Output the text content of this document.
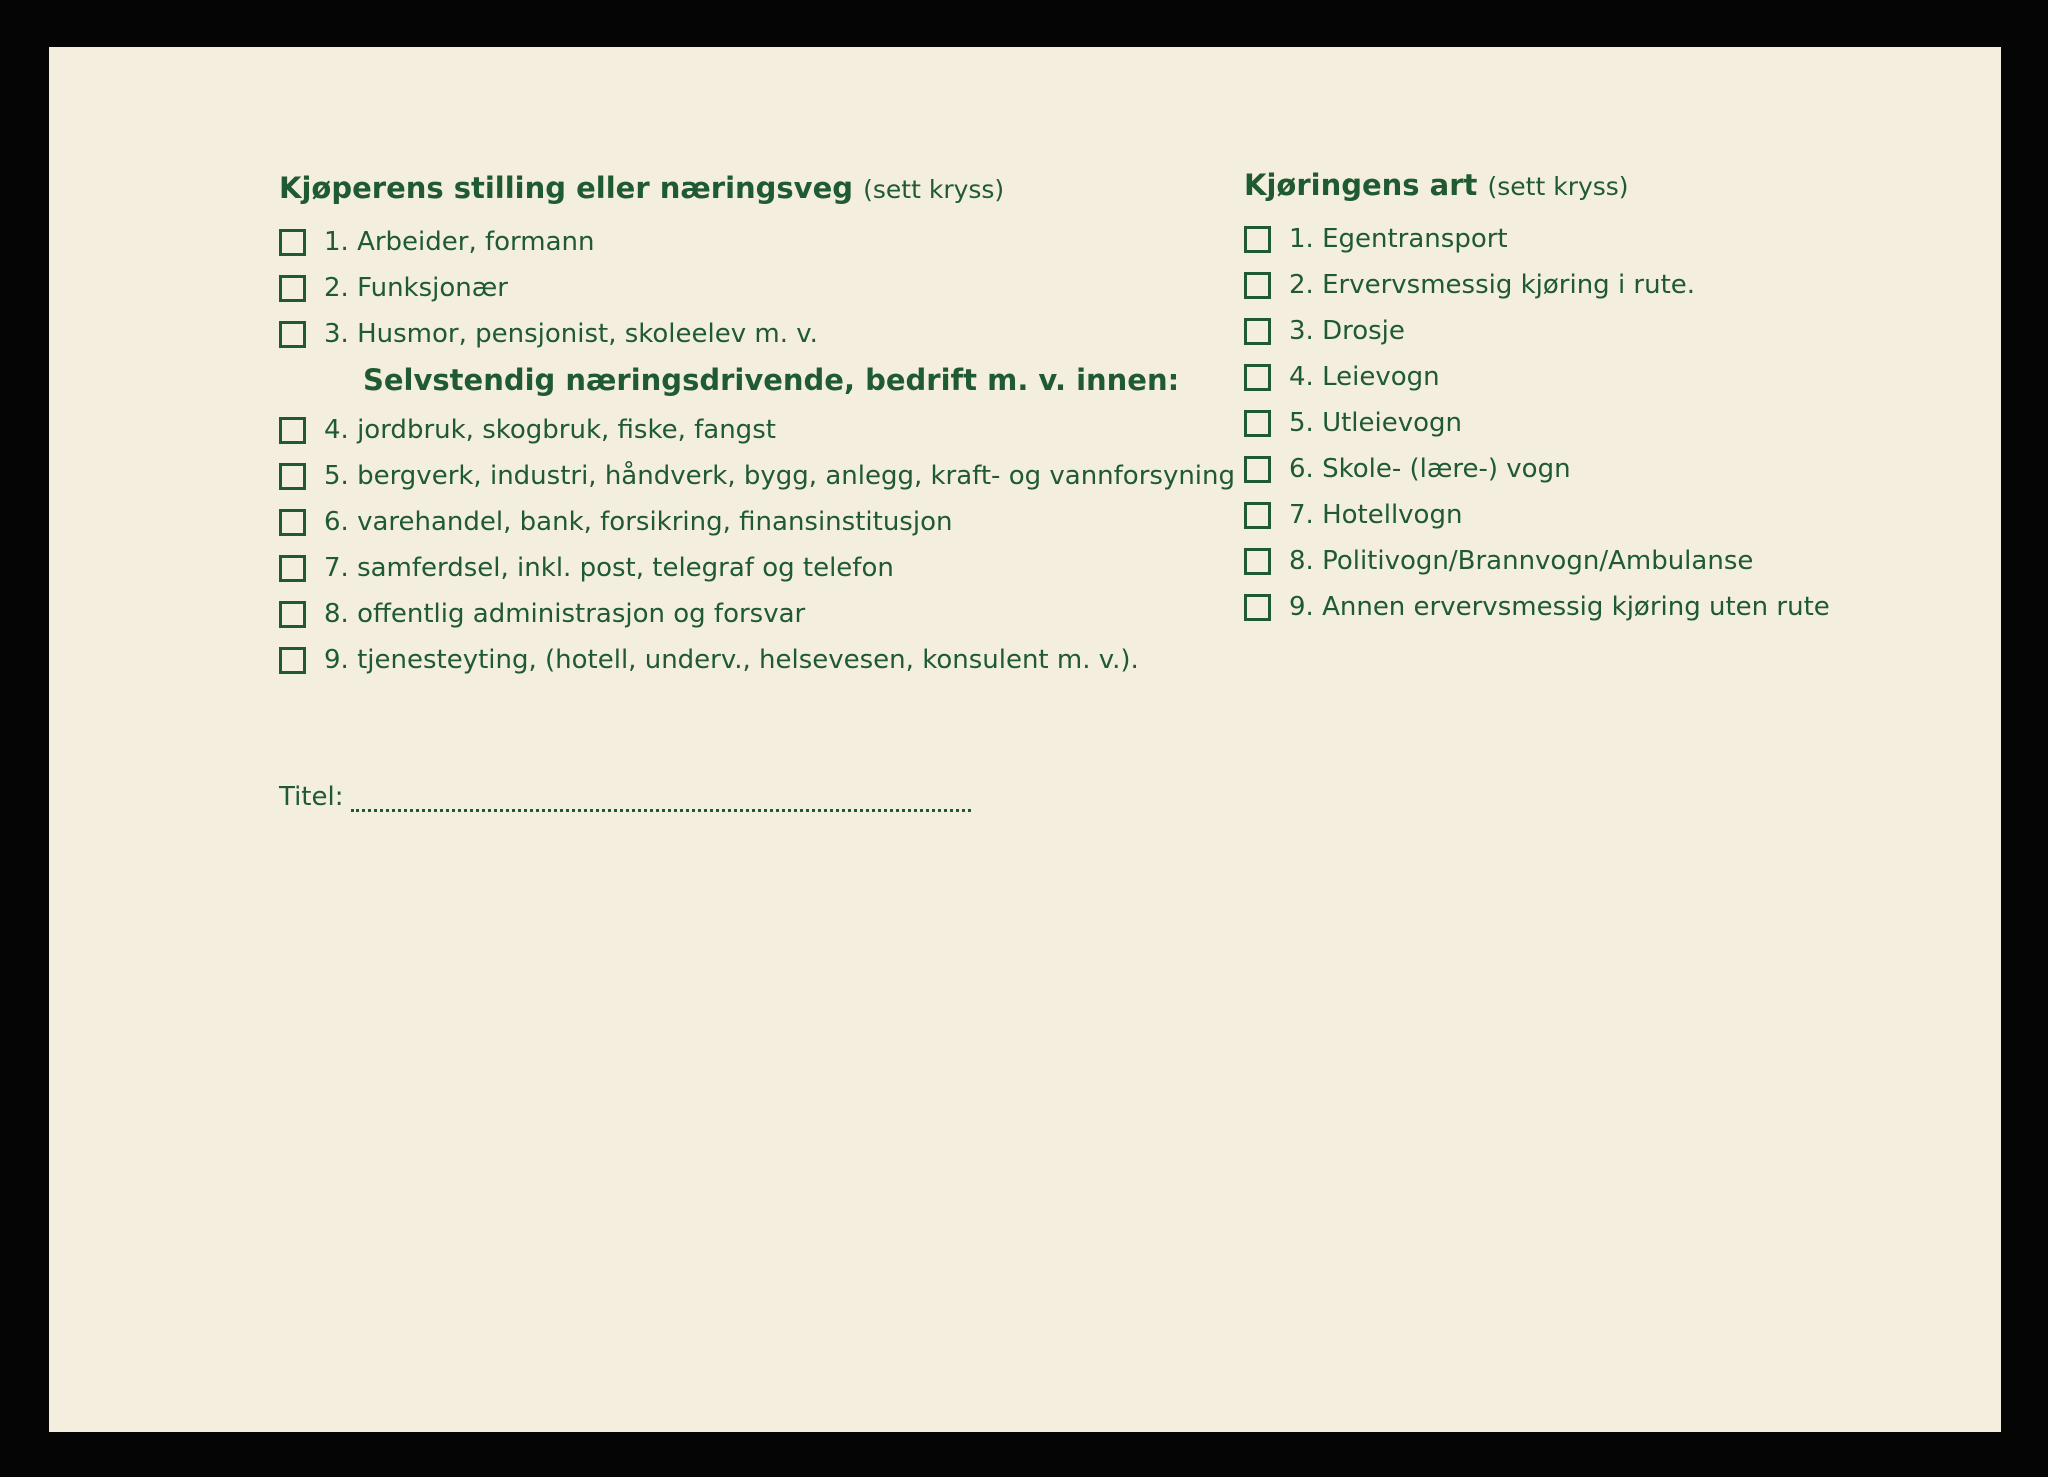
Kjøperens stilling eller næringsveg (sett kryss)
1. Arbeider, formann
2. Funksjonær
3. Husmor, pensjonist, skoleelev m. v.
Selvstendig næringsdrivende, bedrift m. v. innen:
4. jordbruk, skogbruk, fiske, fangst
5. bergverk, industri, håndverk, bygg, anlegg, kraft- og vannforsyning
6. varehandel, bank, forsikring, finansinstitusjon
7. samferdsel, inkl. post, telegraf og telefon
8. offentlig administrasjon og forsvar
9. tjenesteyting, (hotell, underv., helsevesen, konsulent m. v.).
Kjøringens art (sett kryss)
1. Egentransport
2. Ervervsmessig kjøring i rute.
3. Drosje
4. Leievogn
5. Utleievogn
6. Skole- (lære-) vogn
7. Hotellvogn
8. Politivogn/Brannvogn/Ambulanse
9. Annen ervervsmessig kjøring uten rute
Titel:
